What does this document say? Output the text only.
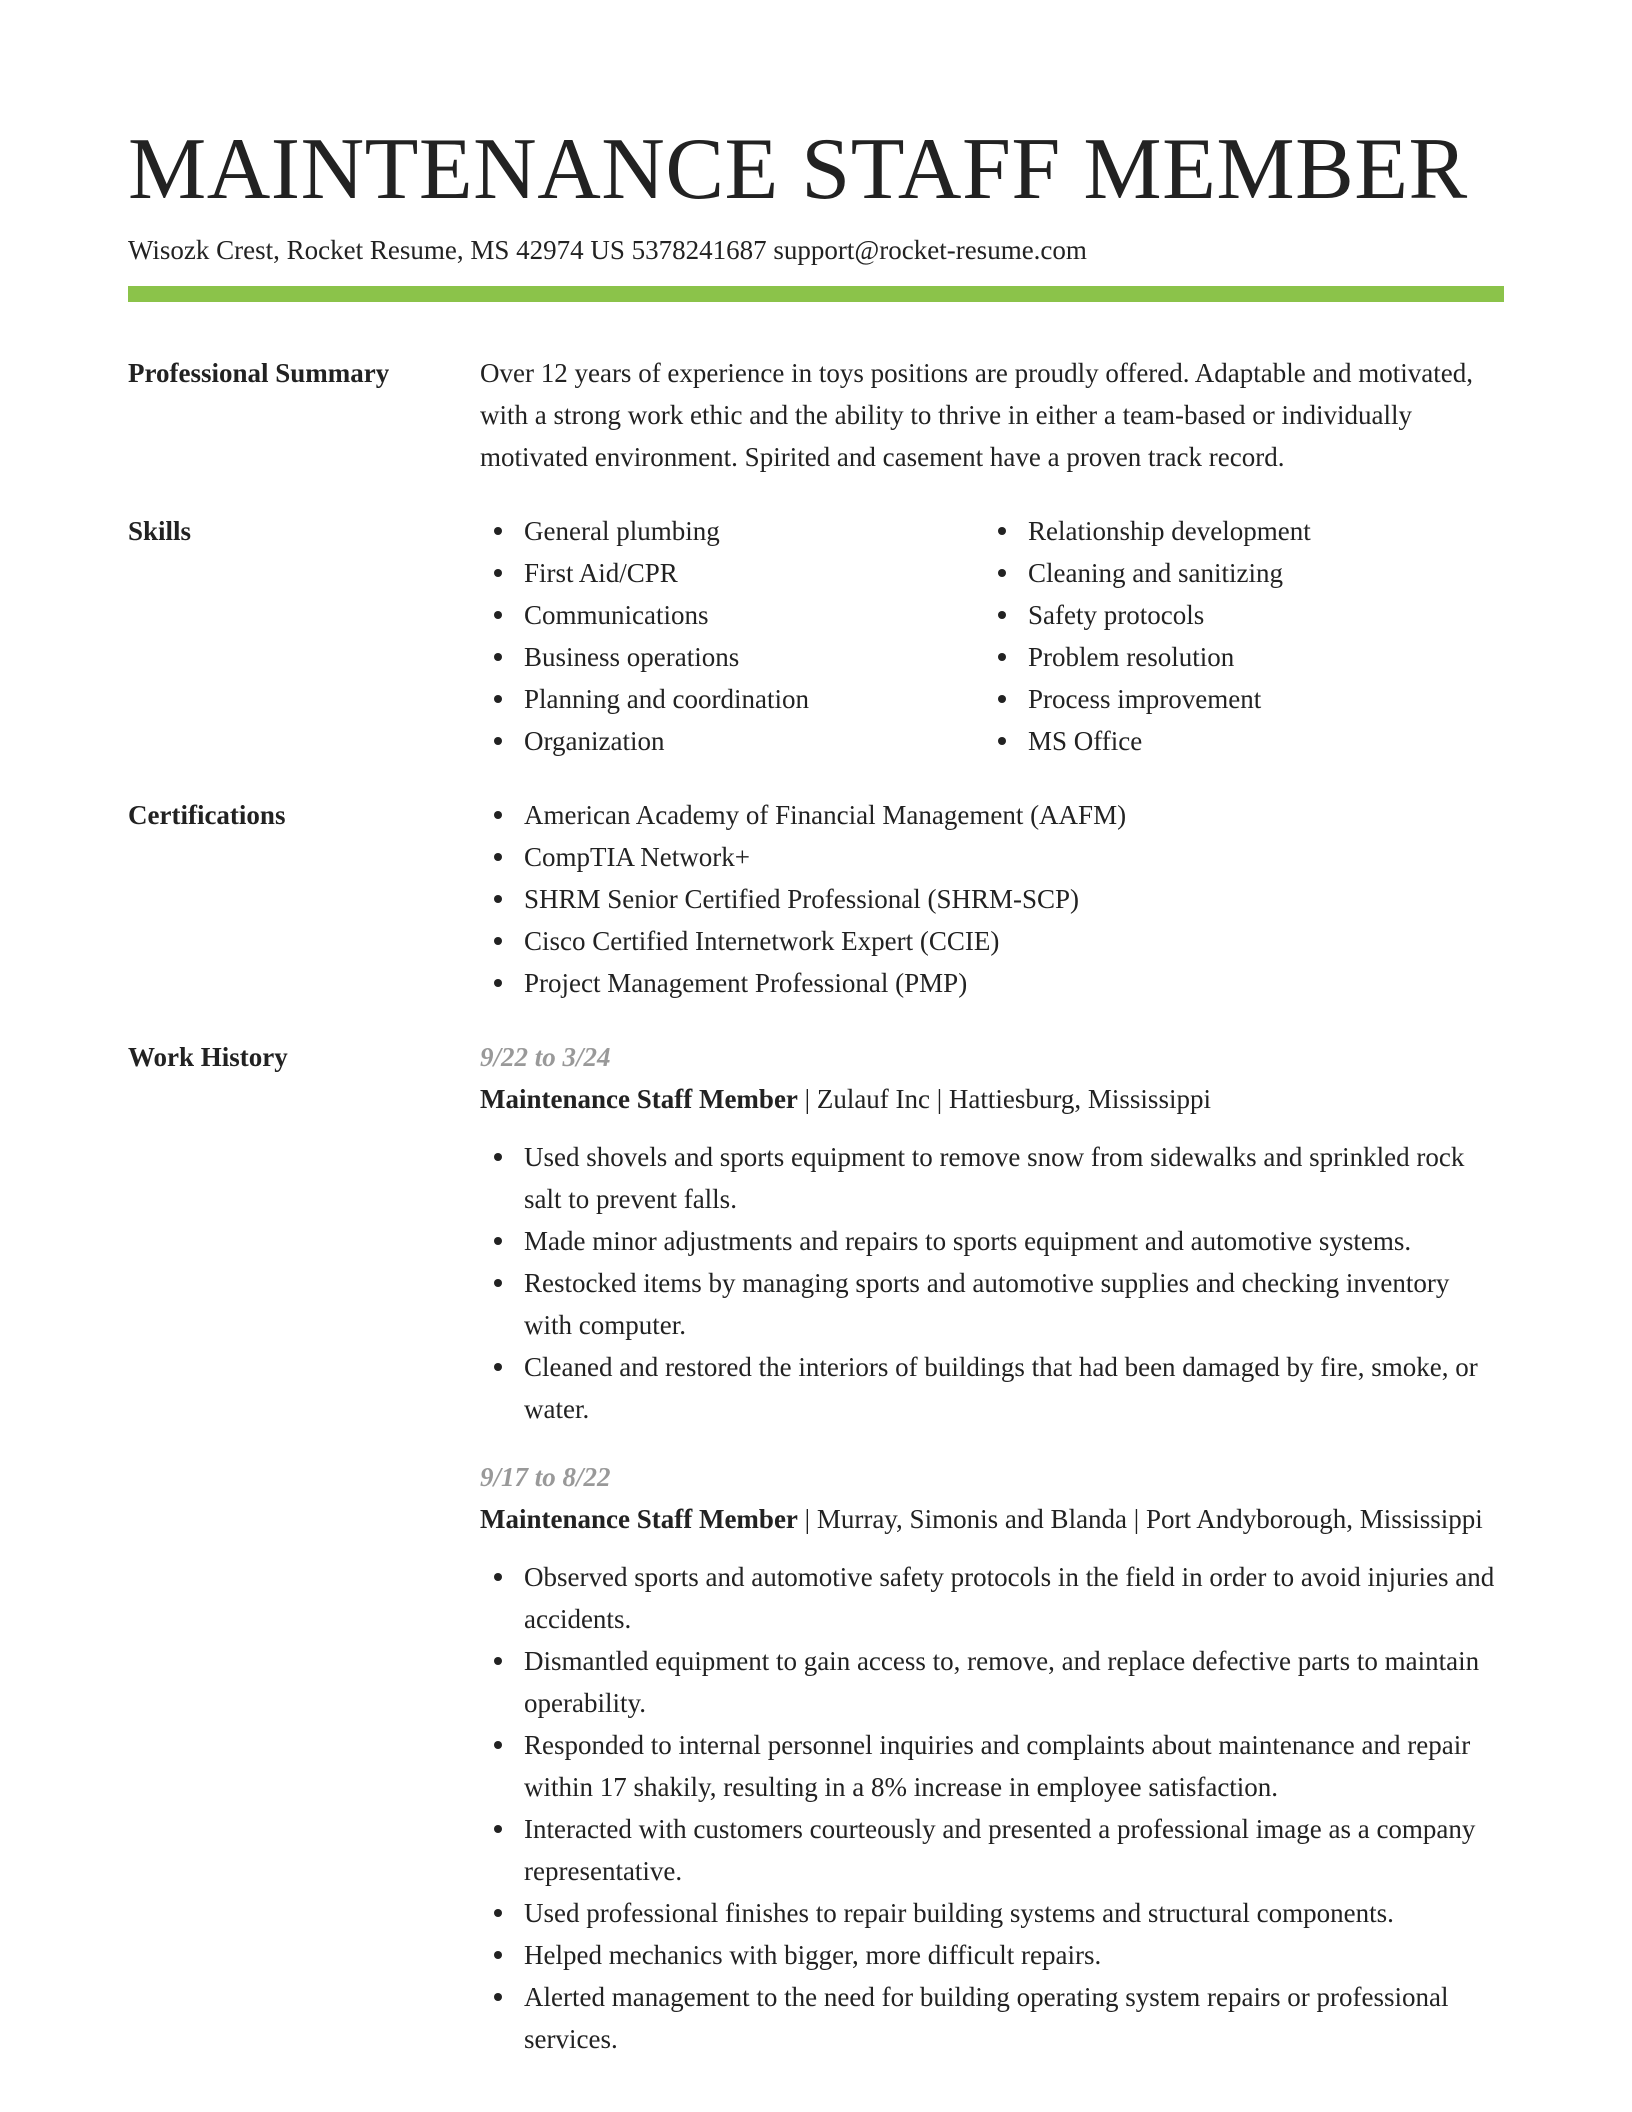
MAINTENANCE STAFF MEMBER
Wisozk Crest, Rocket Resume, MS 42974 US 5378241687 support@rocket-resume.com
Professional Summary	Over 12 years of experience in toys positions are proudly offered. Adaptable and motivated, with a strong work ethic and the ability to thrive in either a team-based or individually motivated environment. Spirited and casement have a proven track record.
Skills	General plumbing
First Aid/CPR
Communications
Business operations
Planning and coordination
Organization
Relationship development
Cleaning and sanitizing
Safety protocols
Problem resolution
Process improvement
MS Office
Certifications	American Academy of Financial Management (AAFM)
CompTIA Network+
SHRM Senior Certified Professional (SHRM-SCP)
Cisco Certified Internetwork Expert (CCIE)
Project Management Professional (PMP)
Work History	9/22 to 3/24
Maintenance Staff Member | Zulauf Inc | Hattiesburg, Mississippi
Used shovels and sports equipment to remove snow from sidewalks and sprinkled rock salt to prevent falls.
Made minor adjustments and repairs to sports equipment and automotive systems.
Restocked items by managing sports and automotive supplies and checking inventory with computer.
Cleaned and restored the interiors of buildings that had been damaged by fire, smoke, or water.
9/17 to 8/22
Maintenance Staff Member | Murray, Simonis and Blanda | Port Andyborough, Mississippi
Observed sports and automotive safety protocols in the field in order to avoid injuries and accidents.
Dismantled equipment to gain access to, remove, and replace defective parts to maintain operability.
Responded to internal personnel inquiries and complaints about maintenance and repair within 17 shakily, resulting in a 8% increase in employee satisfaction.
Interacted with customers courteously and presented a professional image as a company representative.
Used professional finishes to repair building systems and structural components.
Helped mechanics with bigger, more difficult repairs.
Alerted management to the need for building operating system repairs or professional services.
